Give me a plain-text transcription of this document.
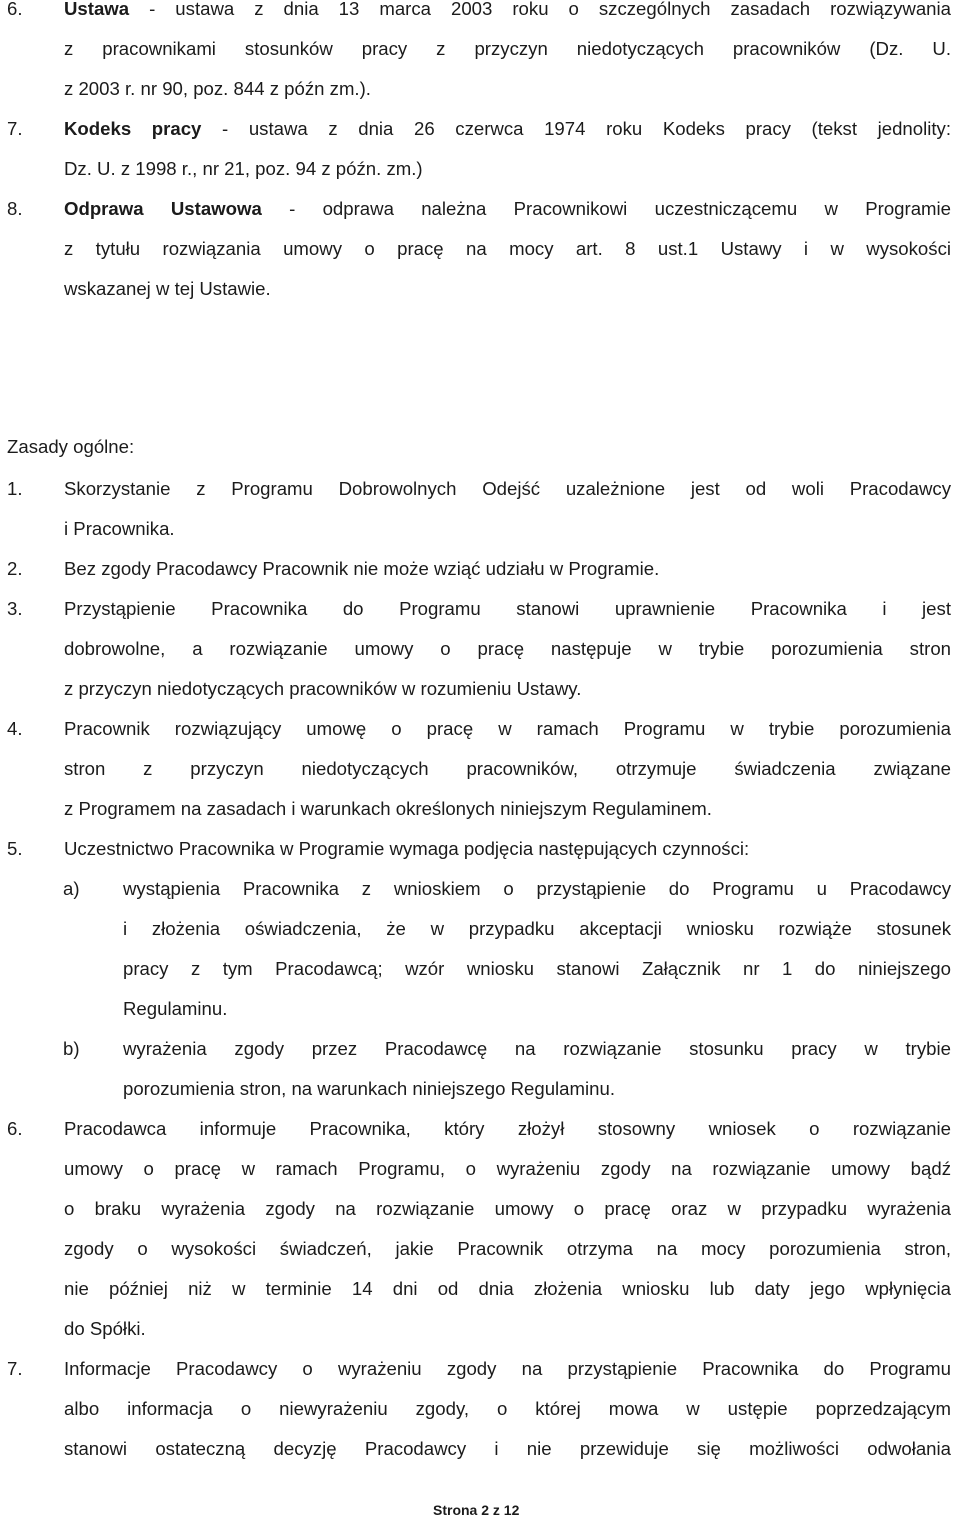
6. Ustawa - ustawa z dnia 13 marca 2003 roku o szczególnych zasadach rozwiązywania
z pracownikami stosunków pracy z przyczyn niedotyczących pracowników (Dz. U.
z 2003 r. nr 90, poz. 844 z późn zm.).
7. Kodeks pracy - ustawa z dnia 26 czerwca 1974 roku Kodeks pracy (tekst jednolity:
Dz. U. z 1998 r., nr 21, poz. 94 z późn. zm.)
8. Odprawa Ustawowa - odprawa należna Pracownikowi uczestniczącemu w Programie
z tytułu rozwiązania umowy o pracę na mocy art. 8 ust.1 Ustawy i w wysokości
wskazanej w tej Ustawie.
Zasady ogólne:
1. Skorzystanie z Programu Dobrowolnych Odejść uzależnione jest od woli Pracodawcy
i Pracownika.
2. Bez zgody Pracodawcy Pracownik nie może wziąć udziału w Programie.
3. Przystąpienie Pracownika do Programu stanowi uprawnienie Pracownika i jest
dobrowolne, a rozwiązanie umowy o pracę następuje w trybie porozumienia stron
z przyczyn niedotyczących pracowników w rozumieniu Ustawy.
4. Pracownik rozwiązujący umowę o pracę w ramach Programu w trybie porozumienia
stron z przyczyn niedotyczących pracowników, otrzymuje świadczenia związane
z Programem na zasadach i warunkach określonych niniejszym Regulaminem.
5. Uczestnictwo Pracownika w Programie wymaga podjęcia następujących czynności:
a) wystąpienia Pracownika z wnioskiem o przystąpienie do Programu u Pracodawcy
i złożenia oświadczenia, że w przypadku akceptacji wniosku rozwiąże stosunek
pracy z tym Pracodawcą; wzór wniosku stanowi Załącznik nr 1 do niniejszego
Regulaminu.
b) wyrażenia zgody przez Pracodawcę na rozwiązanie stosunku pracy w trybie
porozumienia stron, na warunkach niniejszego Regulaminu.
6. Pracodawca informuje Pracownika, który złożył stosowny wniosek o rozwiązanie
umowy o pracę w ramach Programu, o wyrażeniu zgody na rozwiązanie umowy bądź
o braku wyrażenia zgody na rozwiązanie umowy o pracę oraz w przypadku wyrażenia
zgody o wysokości świadczeń, jakie Pracownik otrzyma na mocy porozumienia stron,
nie później niż w terminie 14 dni od dnia złożenia wniosku lub daty jego wpłynięcia
do Spółki.
7. Informacje Pracodawcy o wyrażeniu zgody na przystąpienie Pracownika do Programu
albo informacja o niewyrażeniu zgody, o której mowa w ustępie poprzedzającym
stanowi ostateczną decyzję Pracodawcy i nie przewiduje się możliwości odwołania
Strona 2 z 12
